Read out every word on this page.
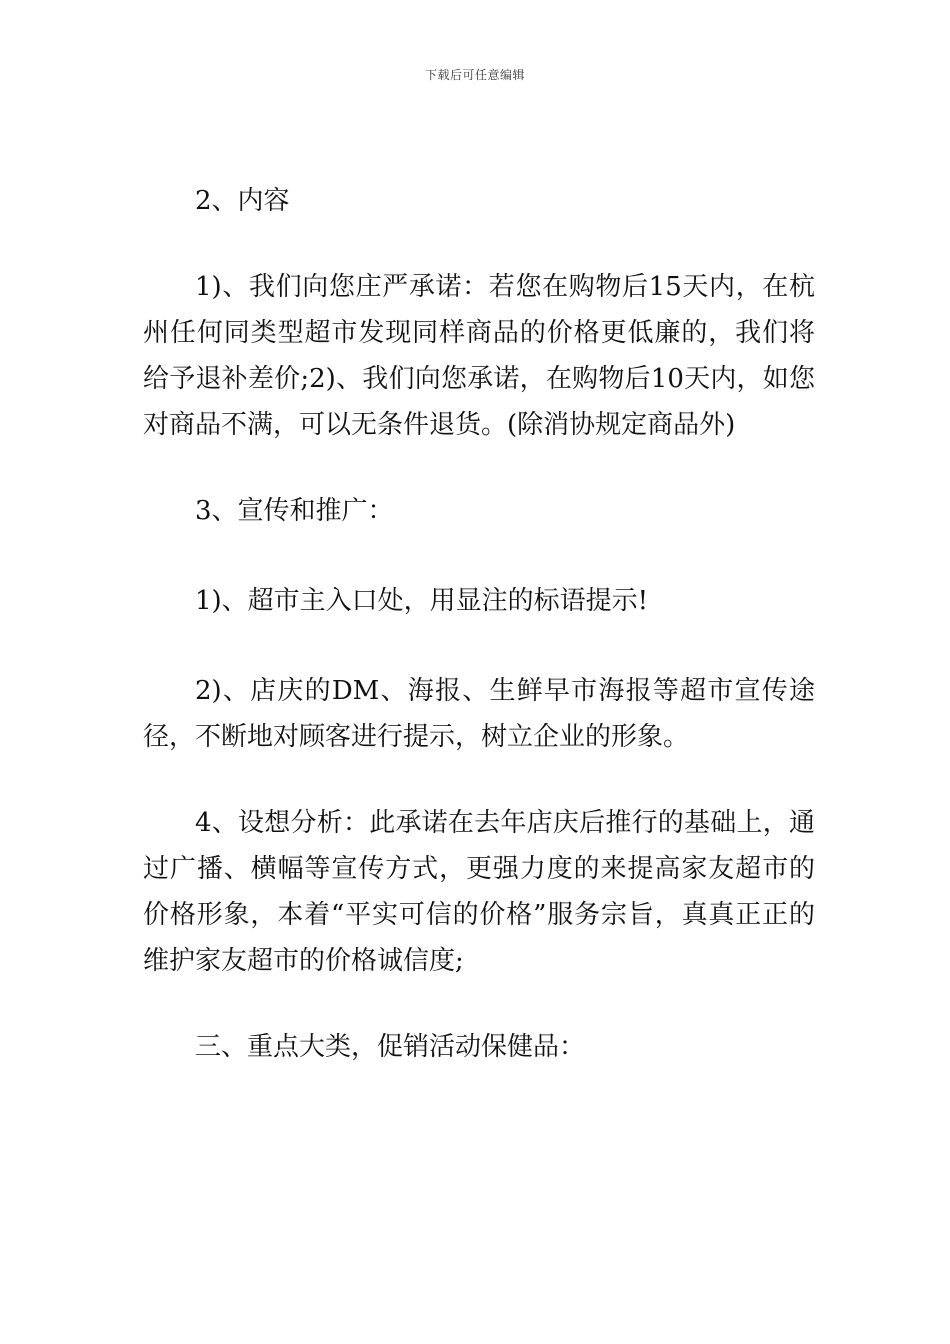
下载后可任意编辑

2、内容

1)、我们向您庄严承诺：若您在购物后15天内，在杭州任何同类型超市发现同样商品的价格更低廉的，我们将给予退补差价;2)、我们向您承诺，在购物后10天内，如您对商品不满，可以无条件退货。(除消协规定商品外)

3、宣传和推广：

1)、超市主入口处，用显注的标语提示!

2)、店庆的DM、海报、生鲜早市海报等超市宣传途径，不断地对顾客进行提示，树立企业的形象。

4、设想分析：此承诺在去年店庆后推行的基础上，通过广播、横幅等宣传方式，更强力度的来提高家友超市的价格形象，本着“平实可信的价格”服务宗旨，真真正正的维护家友超市的价格诚信度;

三、重点大类，促销活动保健品：
